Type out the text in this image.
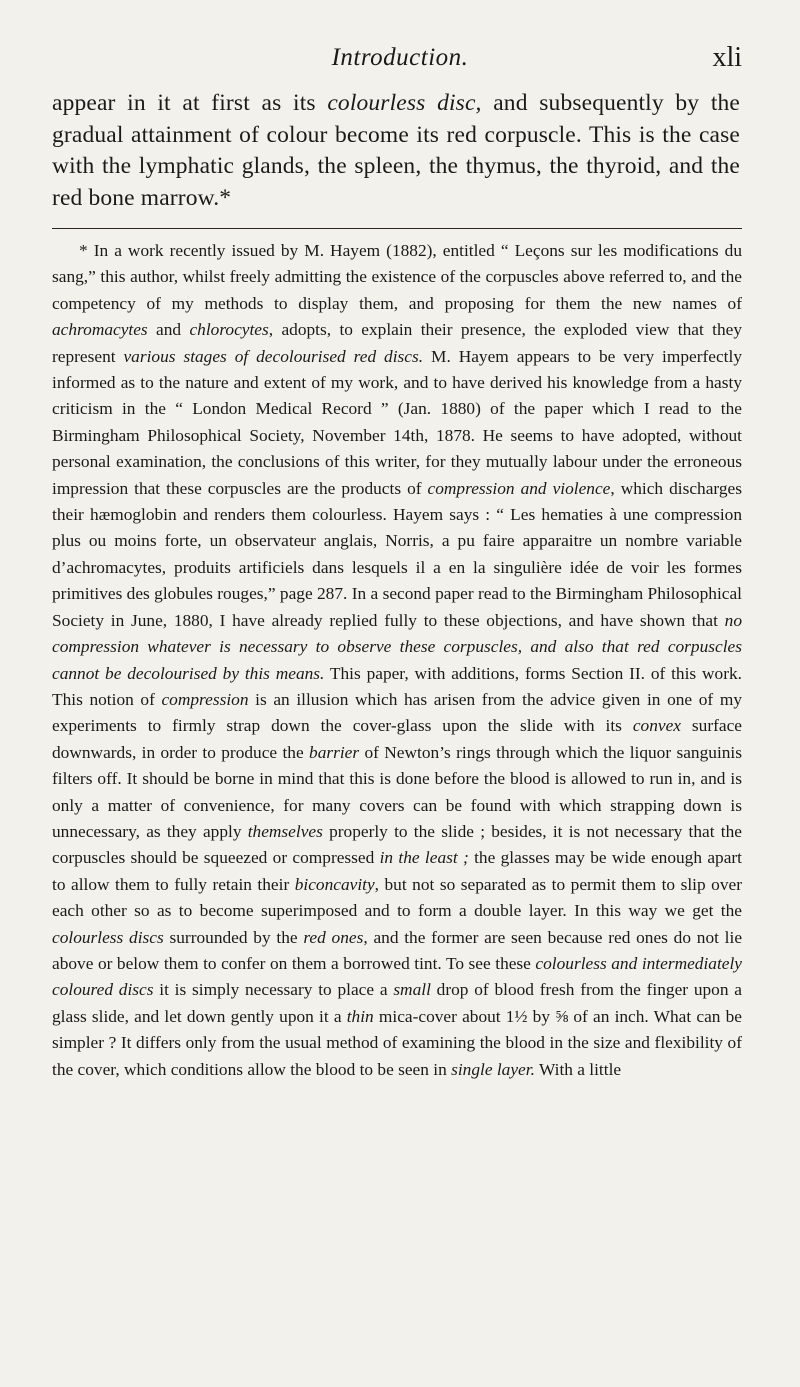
Introduction.	xli

appear in it at first as its colourless disc, and subsequently by the gradual attainment of colour become its red corpuscle. This is the case with the lymphatic glands, the spleen, the thymus, the thyroid, and the red bone marrow.*

* In a work recently issued by M. Hayem (1882), entitled “ Leçons sur les modifications du sang,” this author, whilst freely admitting the existence of the corpuscles above referred to, and the competency of my methods to display them, and proposing for them the new names of achromacytes and chlorocytes, adopts, to explain their presence, the exploded view that they represent various stages of decolourised red discs. M. Hayem appears to be very imperfectly informed as to the nature and extent of my work, and to have derived his knowledge from a hasty criticism in the “ London Medical Record ” (Jan. 1880) of the paper which I read to the Birmingham Philosophical Society, November 14th, 1878. He seems to have adopted, without personal examination, the conclusions of this writer, for they mutually labour under the erroneous impression that these corpuscles are the products of compression and violence, which discharges their hæmoglobin and renders them colourless. Hayem says : “ Les hematies à une compression plus ou moins forte, un observateur anglais, Norris, a pu faire apparaitre un nombre variable d’achromacytes, produits artificiels dans lesquels il a en la singulière idée de voir les formes primitives des globules rouges,” page 287. In a second paper read to the Birmingham Philosophical Society in June, 1880, I have already replied fully to these objections, and have shown that no compression whatever is necessary to observe these corpuscles, and also that red corpuscles cannot be decolourised by this means. This paper, with additions, forms Section II. of this work. This notion of compression is an illusion which has arisen from the advice given in one of my experiments to firmly strap down the cover-glass upon the slide with its convex surface downwards, in order to produce the barrier of Newton’s rings through which the liquor sanguinis filters off. It should be borne in mind that this is done before the blood is allowed to run in, and is only a matter of convenience, for many covers can be found with which strapping down is unnecessary, as they apply themselves properly to the slide ; besides, it is not necessary that the corpuscles should be squeezed or compressed in the least ; the glasses may be wide enough apart to allow them to fully retain their biconcavity, but not so separated as to permit them to slip over each other so as to become superimposed and to form a double layer. In this way we get the colourless discs surrounded by the red ones, and the former are seen because red ones do not lie above or below them to confer on them a borrowed tint. To see these colourless and intermediately coloured discs it is simply necessary to place a small drop of blood fresh from the finger upon a glass slide, and let down gently upon it a thin mica-cover about 1½ by ⅝ of an inch. What can be simpler ? It differs only from the usual method of examining the blood in the size and flexibility of the cover, which conditions allow the blood to be seen in single layer. With a little
